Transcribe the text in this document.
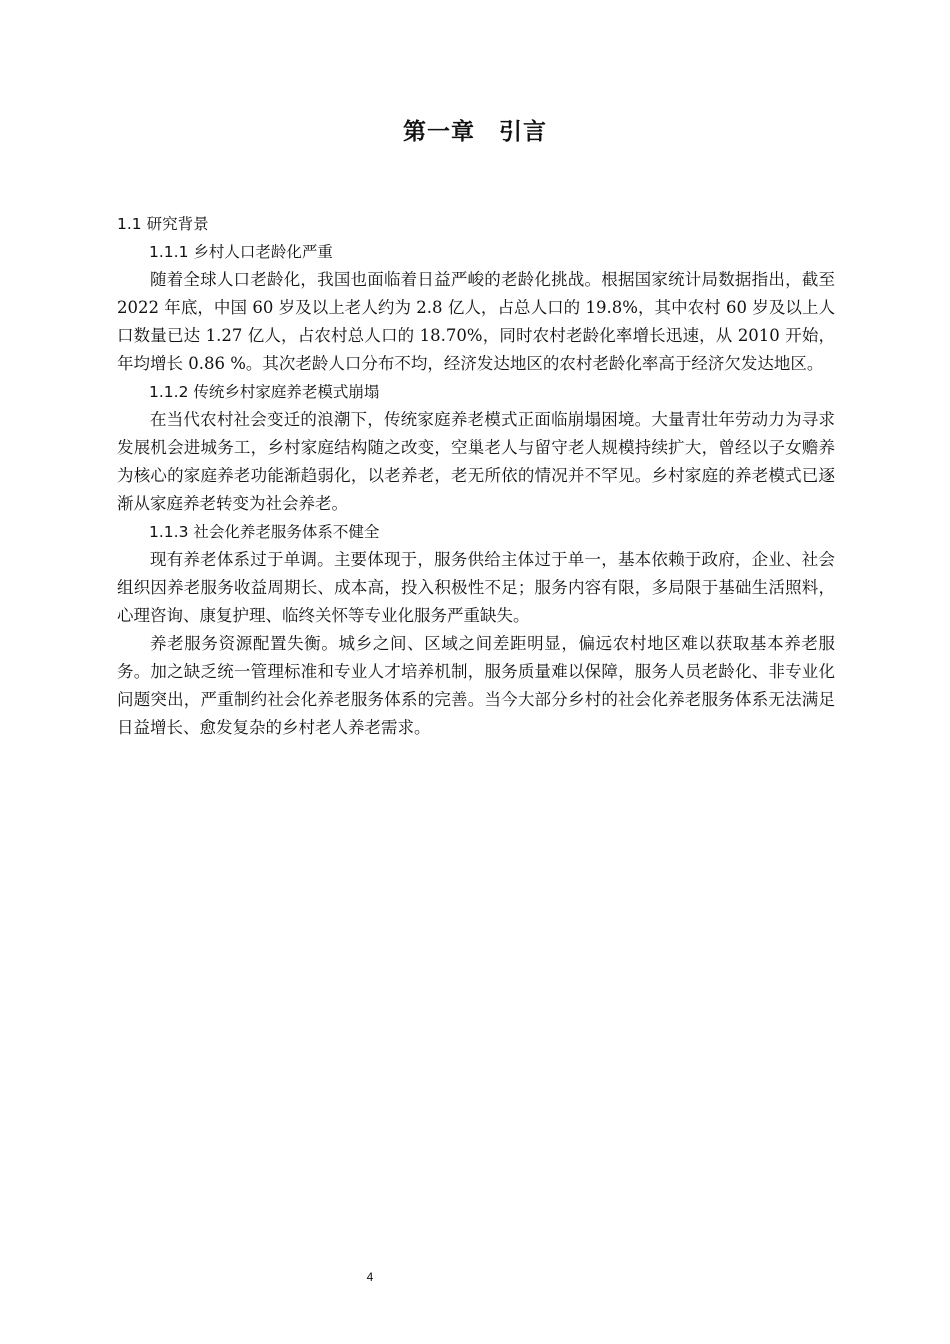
第一章　引言

1.1 研究背景

1.1.1 乡村人口老龄化严重

随着全球人口老龄化，我国也面临着日益严峻的老龄化挑战。根据国家统计局数据指出，截至 2022 年底，中国 60 岁及以上老人约为 2.8 亿人，占总人口的 19.8%，其中农村 60 岁及以上人口数量已达 1.27 亿人，占农村总人口的 18.70%，同时农村老龄化率增长迅速，从 2010 开始，年均增长 0.86 %。其次老龄人口分布不均，经济发达地区的农村老龄化率高于经济欠发达地区。

1.1.2 传统乡村家庭养老模式崩塌

在当代农村社会变迁的浪潮下，传统家庭养老模式正面临崩塌困境。大量青壮年劳动力为寻求发展机会进城务工，乡村家庭结构随之改变，空巢老人与留守老人规模持续扩大，曾经以子女赡养为核心的家庭养老功能渐趋弱化，以老养老，老无所依的情况并不罕见。乡村家庭的养老模式已逐渐从家庭养老转变为社会养老。

1.1.3 社会化养老服务体系不健全

现有养老体系过于单调。主要体现于，服务供给主体过于单一，基本依赖于政府，企业、社会组织因养老服务收益周期长、成本高，投入积极性不足；服务内容有限，多局限于基础生活照料，心理咨询、康复护理、临终关怀等专业化服务严重缺失。

养老服务资源配置失衡。城乡之间、区域之间差距明显，偏远农村地区难以获取基本养老服务。加之缺乏统一管理标准和专业人才培养机制，服务质量难以保障，服务人员老龄化、非专业化问题突出，严重制约社会化养老服务体系的完善。当今大部分乡村的社会化养老服务体系无法满足日益增长、愈发复杂的乡村老人养老需求。

4
